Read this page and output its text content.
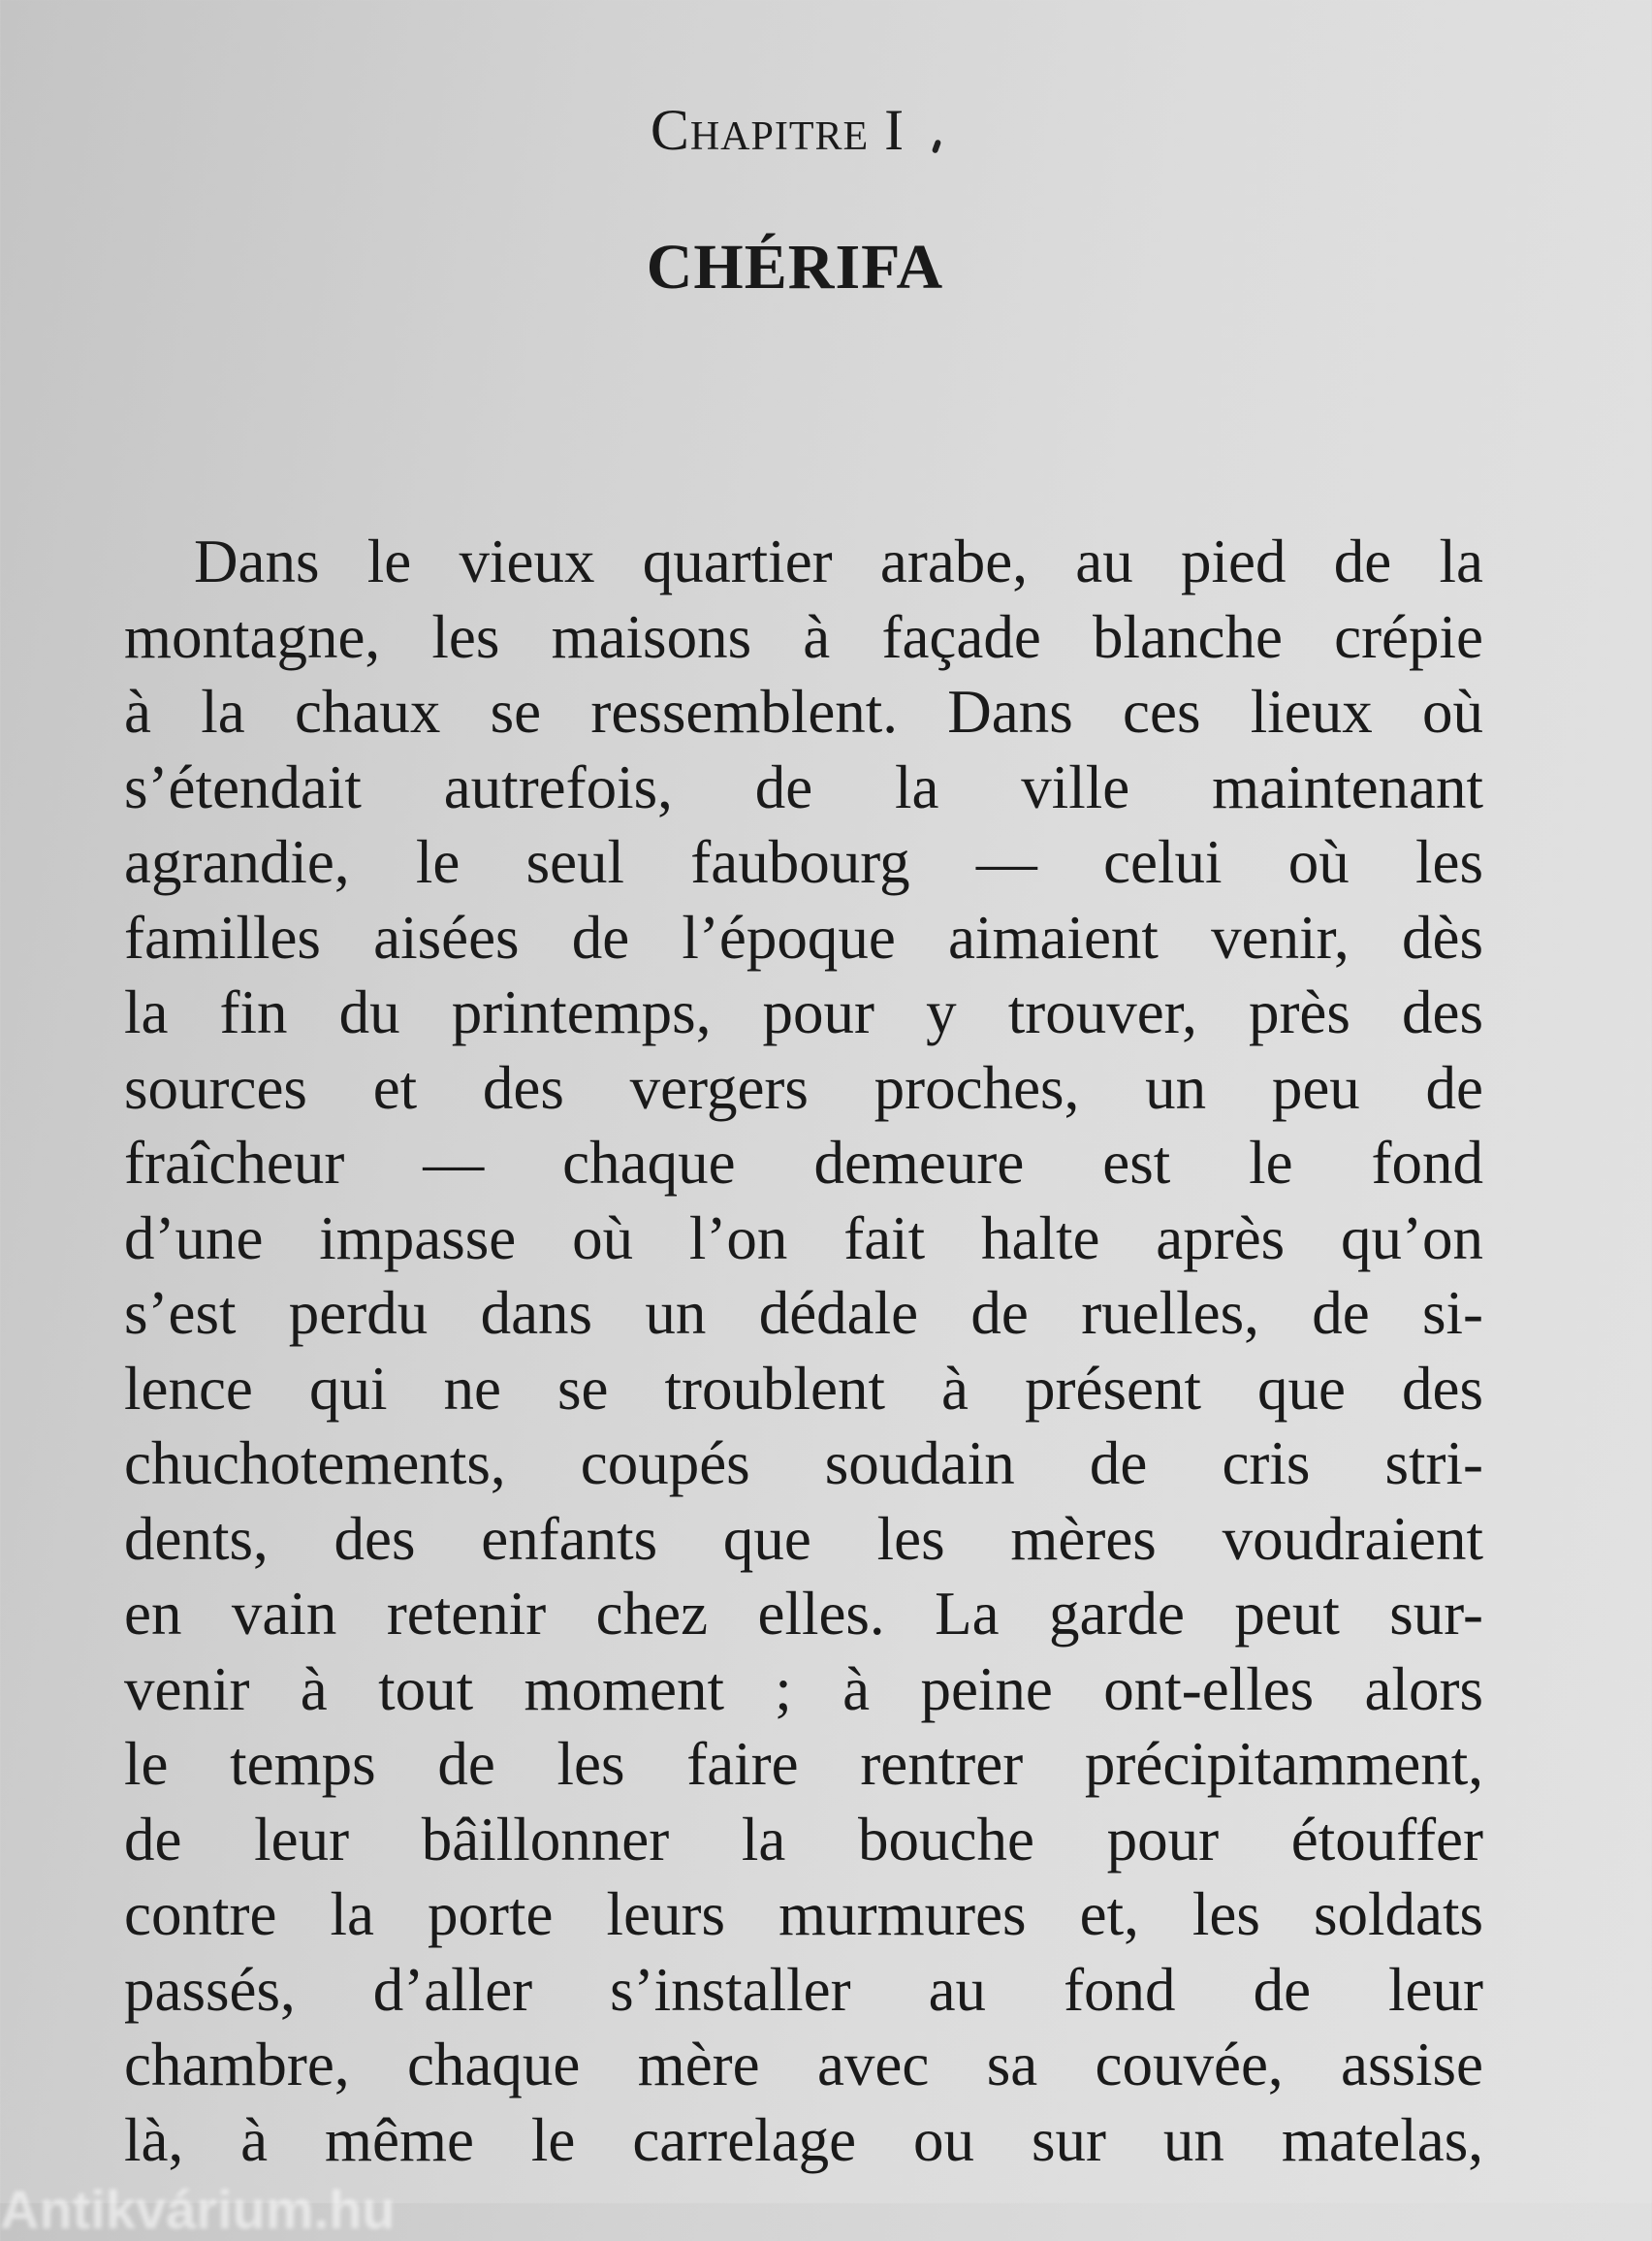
Chapitre I
CHÉRIFA
Dans le vieux quartier arabe, au pied de la
montagne, les maisons à façade blanche crépie
à la chaux se ressemblent. Dans ces lieux où
s’étendait autrefois, de la ville maintenant
agrandie, le seul faubourg — celui où les
familles aisées de l’époque aimaient venir, dès
la fin du printemps, pour y trouver, près des
sources et des vergers proches, un peu de
fraîcheur — chaque demeure est le fond
d’une impasse où l’on fait halte après qu’on
s’est perdu dans un dédale de ruelles, de si-
lence qui ne se troublent à présent que des
chuchotements, coupés soudain de cris stri-
dents, des enfants que les mères voudraient
en vain retenir chez elles. La garde peut sur-
venir à tout moment ; à peine ont-elles alors
le temps de les faire rentrer précipitamment,
de leur bâillonner la bouche pour étouffer
contre la porte leurs murmures et, les soldats
passés, d’aller s’installer au fond de leur
chambre, chaque mère avec sa couvée, assise
là, à même le carrelage ou sur un matelas,
Antikvárium.hu
